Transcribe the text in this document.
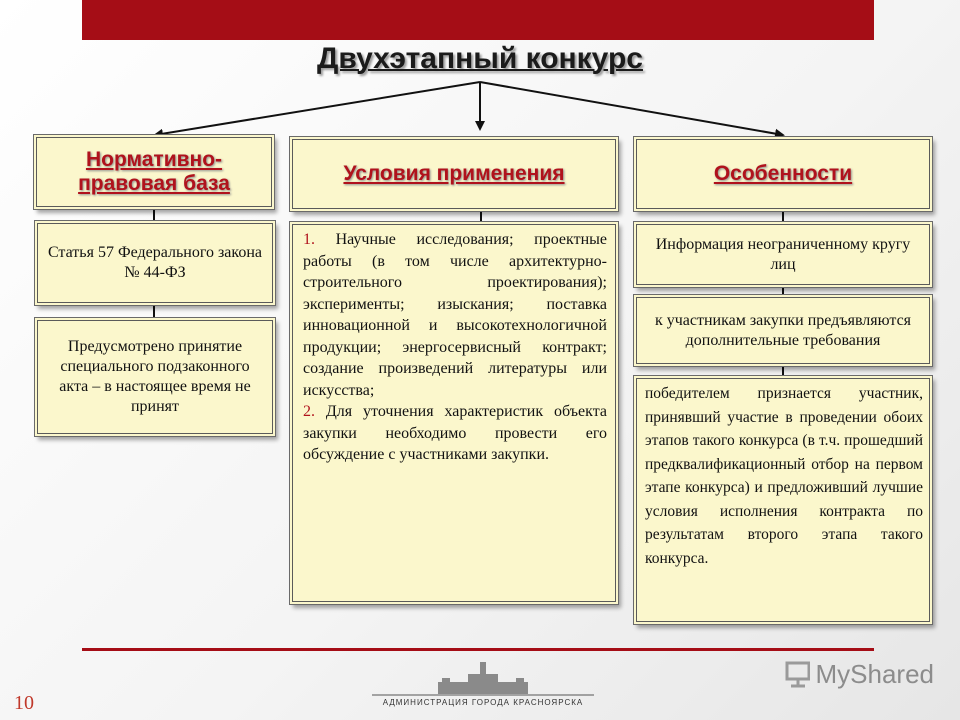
Двухэтапный конкурс
Нормативно-правовая база
Статья 57 Федерального закона № 44-ФЗ
Предусмотрено принятие специального подзаконного акта – в настоящее время не принят
Условия применения

1. Научные исследования; проектные работы (в том числе архитектурно-строительного проектирования); эксперименты; изыскания; поставка инновационной и высокотехнологичной продукции; энергосервисный контракт; создание произведений литературы или искусства;

2. Для уточнения характеристик объекта закупки необходимо провести его обсуждение с участниками закупки.

Особенности
Информация неограниченному кругу лиц
к участникам закупки предъявляются дополнительные требования
победителем признается участник, принявший участие в проведении обоих этапов такого конкурса (в т.ч. прошедший предквалификационный отбор на первом этапе конкурса) и предложивший лучшие условия исполнения контракта по результатам второго этапа такого конкурса.
10	АДМИНИСТРАЦИЯ ГОРОДА КРАСНОЯРСКА
MyShared
